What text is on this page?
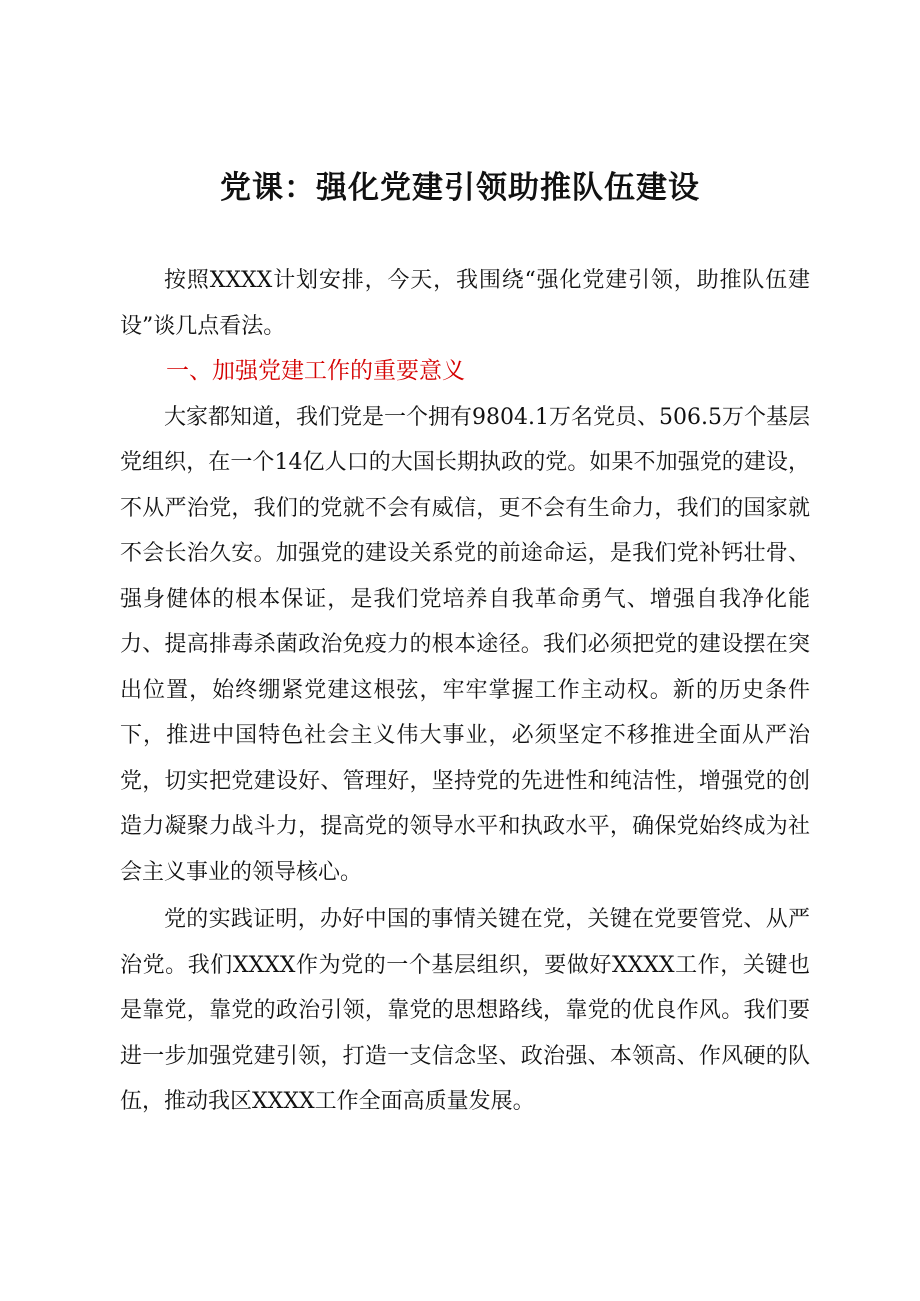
党课：强化党建引领助推队伍建设

按照XXXX计划安排，今天，我围绕“强化党建引领，助推队伍建设”谈几点看法。

一、加强党建工作的重要意义

大家都知道，我们党是一个拥有9804.1万名党员、506.5万个基层党组织，在一个14亿人口的大国长期执政的党。如果不加强党的建设，不从严治党，我们的党就不会有威信，更不会有生命力，我们的国家就不会长治久安。加强党的建设关系党的前途命运，是我们党补钙壮骨、强身健体的根本保证，是我们党培养自我革命勇气、增强自我净化能力、提高排毒杀菌政治免疫力的根本途径。我们必须把党的建设摆在突出位置，始终绷紧党建这根弦，牢牢掌握工作主动权。新的历史条件下，推进中国特色社会主义伟大事业，必须坚定不移推进全面从严治党，切实把党建设好、管理好，坚持党的先进性和纯洁性，增强党的创造力凝聚力战斗力，提高党的领导水平和执政水平，确保党始终成为社会主义事业的领导核心。

党的实践证明，办好中国的事情关键在党，关键在党要管党、从严治党。我们XXXX作为党的一个基层组织，要做好XXXX工作，关键也是靠党，靠党的政治引领，靠党的思想路线，靠党的优良作风。我们要进一步加强党建引领，打造一支信念坚、政治强、本领高、作风硬的队伍，推动我区XXXX工作全面高质量发展。
